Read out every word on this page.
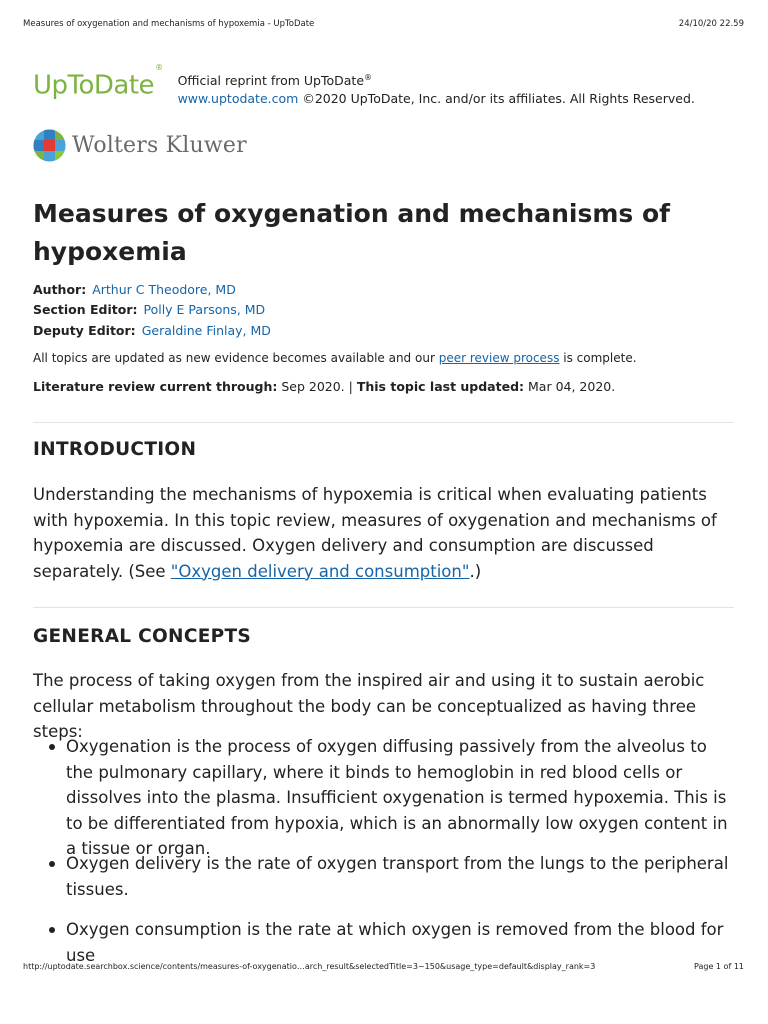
Measures of oxygenation and mechanisms of hypoxemia - UpToDate	24/10/20 22.59
UpToDate®
Official reprint from UpToDate®
www.uptodate.com ©2020 UpToDate, Inc. and/or its affiliates. All Rights Reserved.
Wolters Kluwer
Measures of oxygenation and mechanisms of hypoxemia
Author: Arthur C Theodore, MD
Section Editor: Polly E Parsons, MD
Deputy Editor: Geraldine Finlay, MD
All topics are updated as new evidence becomes available and our peer review process is complete.
Literature review current through: Sep 2020. | This topic last updated: Mar 04, 2020.
INTRODUCTION

Understanding the mechanisms of hypoxemia is critical when evaluating patients with hypoxemia. In this topic review, measures of oxygenation and mechanisms of hypoxemia are discussed. Oxygen delivery and consumption are discussed separately. (See "Oxygen delivery and consumption".)

GENERAL CONCEPTS

The process of taking oxygen from the inspired air and using it to sustain aerobic cellular metabolism throughout the body can be conceptualized as having three steps:

Oxygenation is the process of oxygen diffusing passively from the alveolus to the pulmonary capillary, where it binds to hemoglobin in red blood cells or dissolves into the plasma. Insufficient oxygenation is termed hypoxemia. This is to be differentiated from hypoxia, which is an abnormally low oxygen content in a tissue or organ.

Oxygen delivery is the rate of oxygen transport from the lungs to the peripheral tissues.

Oxygen consumption is the rate at which oxygen is removed from the blood for use

http://uptodate.searchbox.science/contents/measures-of-oxygenatio…arch_result&selectedTitle=3~150&usage_type=default&display_rank=3	Page 1 of 11
